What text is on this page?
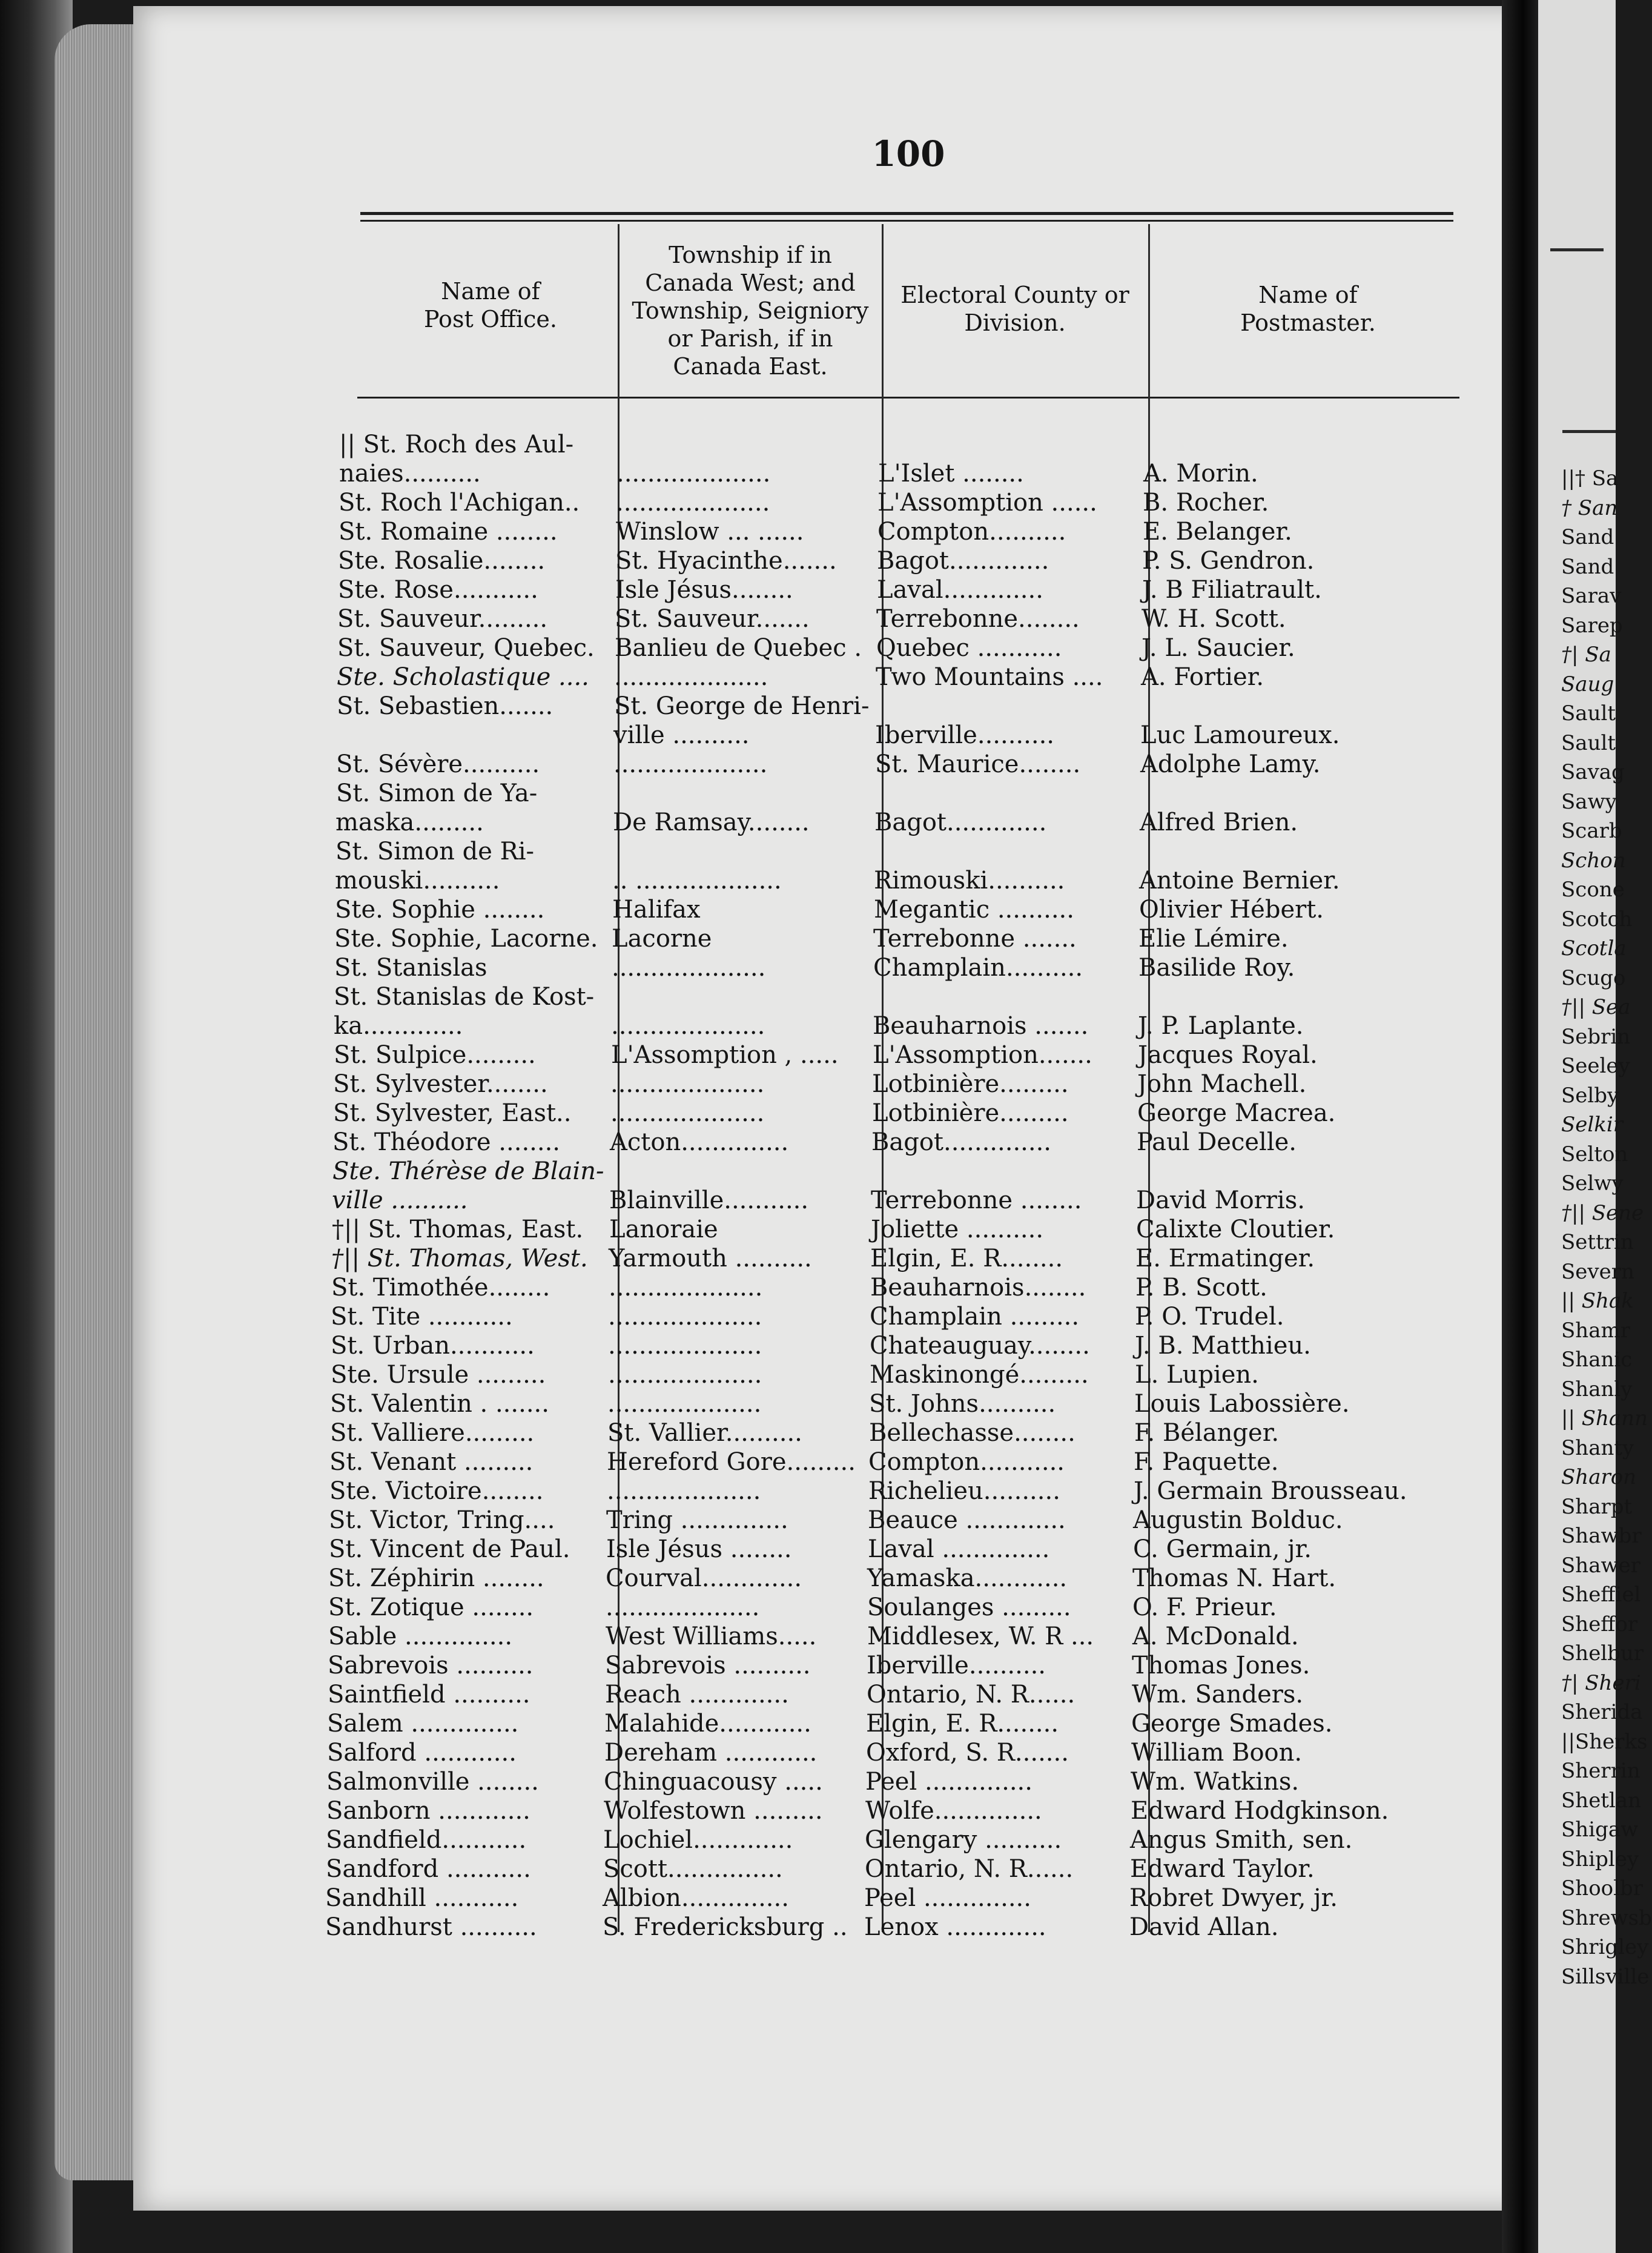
100
Name of
Post Office.
Township if in
Canada West; and
Township, Seigniory
or Parish, if in
Canada East.
Electoral County or
Division.
Name of
Postmaster.
|| St. Roch des Aul-
naies..........	....................	L'Islet ........	A. Morin.
St. Roch l'Achigan..	....................	L'Assomption ......	B. Rocher.
St. Romaine ........	Winslow ... ......	Compton..........	E. Belanger.
Ste. Rosalie........	St. Hyacinthe.......	Bagot.............	P. S. Gendron.
Ste. Rose...........	Isle Jésus........	Laval.............	J. B Filiatrault.
St. Sauveur.........	St. Sauveur.......	Terrebonne........	W. H. Scott.
St. Sauveur, Quebec. Banlieu de Quebec . Quebec ...........	J. L. Saucier.
Ste. Scholastique ....	....................	Two Mountains ....	A. Fortier.
St. Sebastien.......	St. George de Henri-
ville ..........	Iberville..........	Luc Lamoureux.
St. Sévère..........	....................	St. Maurice........	Adolphe Lamy.
St. Simon de Ya-
maska.........	De Ramsay........	Bagot.............	Alfred Brien.
St. Simon de Ri-
mouski..........	.. ...................	Rimouski..........	Antoine Bernier.
Ste. Sophie ........	Halifax	Megantic ..........	Olivier Hébert.
Ste. Sophie, Lacorne. Lacorne	Terrebonne .......	Elie Lémire.
St. Stanislas	....................	Champlain..........	Basilide Roy.
St. Stanislas de Kost-
ka.............	....................	Beauharnois .......	J. P. Laplante.
St. Sulpice.........	L'Assomption , .....	L'Assomption.......	Jacques Royal.
St. Sylvester........	....................	Lotbinière.........	John Machell.
St. Sylvester, East..	....................	Lotbinière.........	George Macrea.
St. Théodore ........	Acton..............	Bagot..............	Paul Decelle.
Ste. Thérèse de Blain-
ville ..........	Blainville...........	Terrebonne ........	David Morris.
†|| St. Thomas, East.	Lanoraie	Joliette ..........	Calixte Cloutier.
†|| St. Thomas, West. Yarmouth ..........	Elgin, E. R........	E. Ermatinger.
St. Timothée........	....................	Beauharnois........	P. B. Scott.
St. Tite ...........	....................	Champlain .........	P. O. Trudel.
St. Urban...........	....................	Chateauguay........	J. B. Matthieu.
Ste. Ursule .........	....................	Maskinongé.........	L. Lupien.
St. Valentin . .......	....................	St. Johns..........	Louis Labossière.
St. Valliere.........	St. Vallier..........	Bellechasse........	F. Bélanger.
St. Venant .........	Hereford Gore......... Compton...........	F. Paquette.
Ste. Victoire........	....................	Richelieu..........	J. Germain Brousseau.
St. Victor, Tring....	Tring ..............	Beauce .............	Augustin Bolduc.
St. Vincent de Paul.	Isle Jésus ........	Laval ..............	C. Germain, jr.
St. Zéphirin ........	Courval.............	Yamaska............	Thomas N. Hart.
St. Zotique ........	....................	Soulanges .........	O. F. Prieur.
Sable ..............	West Williams.....	Middlesex, W. R ...	A. McDonald.
Sabrevois ..........	Sabrevois ..........	Iberville..........	Thomas Jones.
Saintfield ..........	Reach .............	Ontario, N. R......	Wm. Sanders.
Salem ..............	Malahide............	Elgin, E. R........	George Smades.
Salford ............	Dereham ............	Oxford, S. R.......	William Boon.
Salmonville ........	Chinguacousy .....	Peel ..............	Wm. Watkins.
Sanborn ............	Wolfestown .........	Wolfe..............	Edward Hodgkinson.
Sandfield...........	Lochiel.............	Glengary ..........	Angus Smith, sen.
Sandford ...........	Scott...............	Ontario, N. R......	Edward Taylor.
Sandhill ...........	Albion..............	Peel ..............	Robret Dwyer, jr.
Sandhurst ..........	S. Fredericksburg .. Lenox .............	David Allan.
||† Sa
† San
Sand
Sand
Sarav
Sarep
†| Sa
Saug
Sault
Sault
Savag
Sawy
Scarb
Schon
Scone
Scotch
Scotla
Scugo
†|| Sea
Sebrin
Seeley
Selby
Selkir
Selton
Selwy
†|| Sene
Settrin
Severn
|| Shak
Shamr
Shanic
Shanly
|| Shann
Shanty
Sharon
Sharpt
Shawbr
Shawer
Sheffiel
Sheffor
Shelbur
†| Sheri
Sherida
||Sherks
Sherrin
Shetlan
Shigaw
Shipley
Shoolbr
Shrewsb
Shrigley
Sillsville
